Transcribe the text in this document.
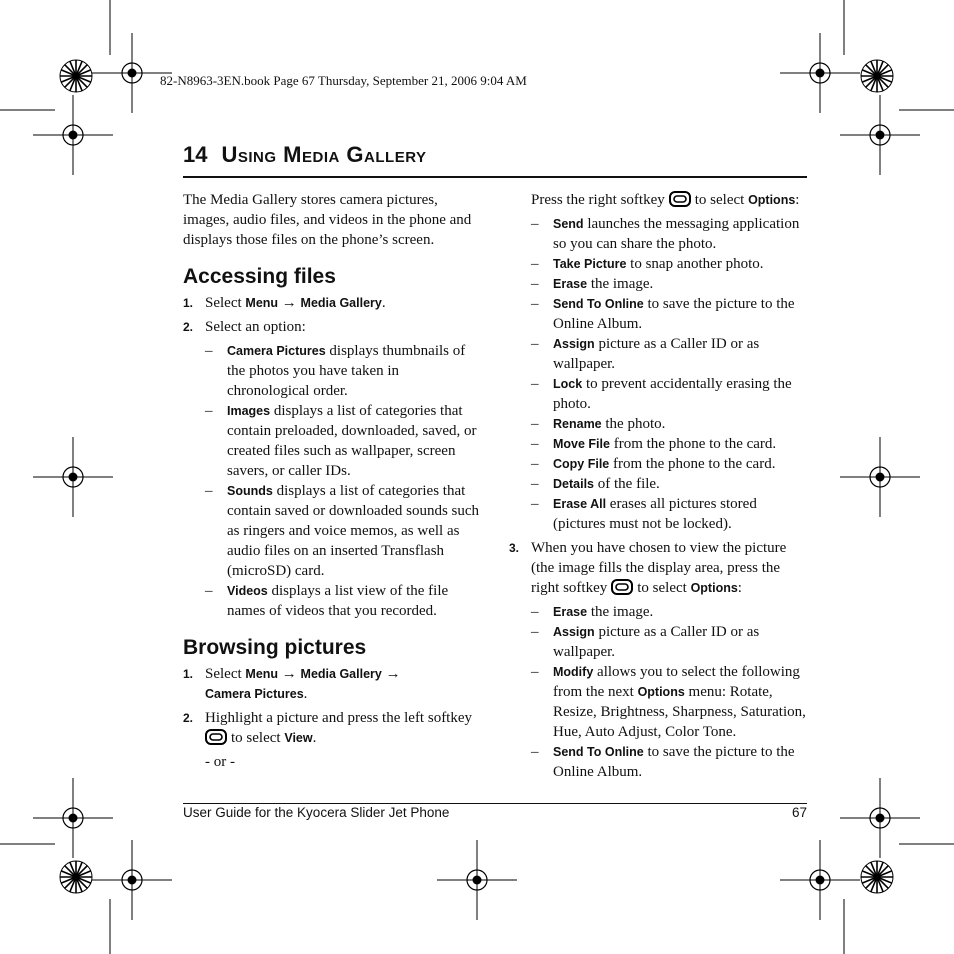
82-N8963-3EN.book Page 67 Thursday, September 21, 2006 9:04 AM
14 Using Media Gallery

The Media Gallery stores camera pictures, images, audio files, and videos in the phone and displays those files on the phone’s screen.

Accessing files
1. Select Menu → Media Gallery.
2. Select an option:
– Camera Pictures displays thumbnails of the photos you have taken in chronological order.
– Images displays a list of categories that contain preloaded, downloaded, saved, or created files such as wallpaper, screen savers, or caller IDs.
– Sounds displays a list of categories that contain saved or downloaded sounds such as ringers and voice memos, as well as audio files on an inserted Transflash (microSD) card.
– Videos displays a list view of the file names of videos that you recorded.
Browsing pictures
1. Select Menu → Media Gallery →
Camera Pictures.
2. Highlight a picture and press the left softkey
to select View.
- or -
Press the right softkey to select Options:
– Send launches the messaging application so you can share the photo.
– Take Picture to snap another photo.
– Erase the image.
– Send To Online to save the picture to the Online Album.
– Assign picture as a Caller ID or as wallpaper.
– Lock to prevent accidentally erasing the photo.
– Rename the photo.
– Move File from the phone to the card.
– Copy File from the phone to the card.
– Details of the file.
– Erase All erases all pictures stored (pictures must not be locked).
3. When you have chosen to view the picture (the image fills the display area, press the right softkey to select Options:
– Erase the image.
– Assign picture as a Caller ID or as wallpaper.
– Modify allows you to select the following from the next Options menu: Rotate, Resize, Brightness, Sharpness, Saturation, Hue, Auto Adjust, Color Tone.
– Send To Online to save the picture to the Online Album.
User Guide for the Kyocera Slider Jet Phone	67
